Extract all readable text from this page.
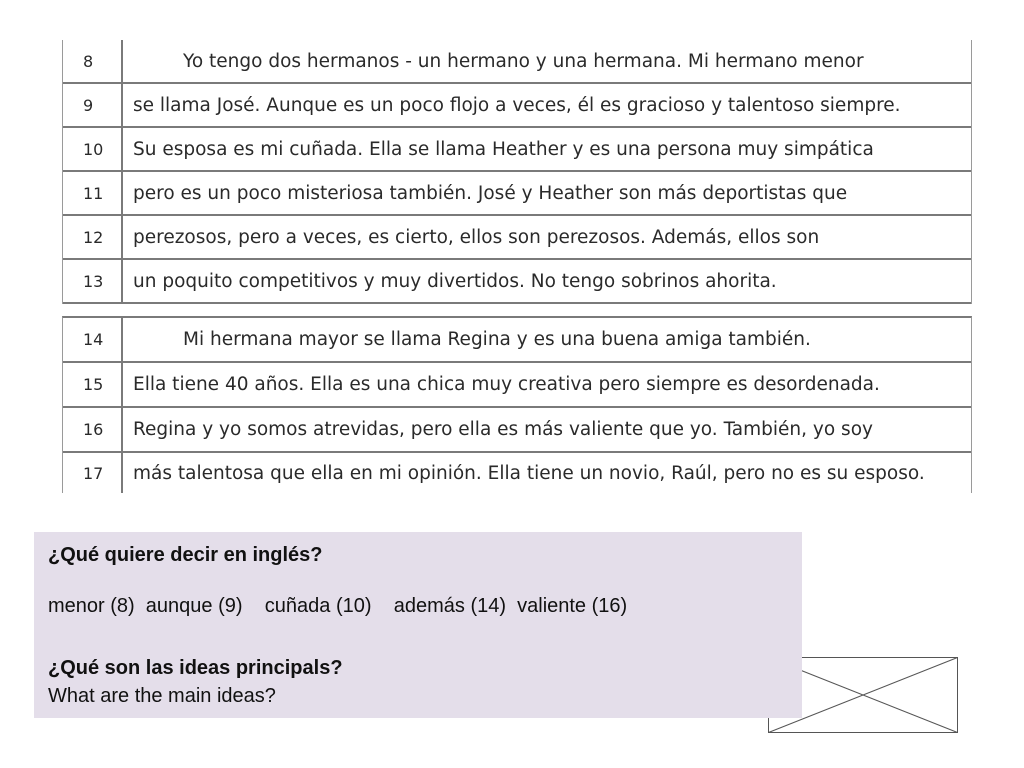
8	Yo tengo dos hermanos - un hermano y una hermana. Mi hermano menor
9	se llama José. Aunque es un poco flojo a veces, él es gracioso y talentoso siempre.
10	Su esposa es mi cuñada. Ella se llama Heather y es una persona muy simpática
11	pero es un poco misteriosa también. José y Heather son más deportistas que
12	perezosos, pero a veces, es cierto, ellos son perezosos. Además, ellos son
13	un poquito competitivos y muy divertidos. No tengo sobrinos ahorita.
14	Mi hermana mayor se llama Regina y es una buena amiga también.
15	Ella tiene 40 años. Ella es una chica muy creativa pero siempre es desordenada.
16	Regina y yo somos atrevidas, pero ella es más valiente que yo. También, yo soy
17	más talentosa que ella en mi opinión. Ella tiene un novio, Raúl, pero no es su esposo.
¿Qué quiere decir en inglés?
menor (8)  aunque (9)    cuñada (10)    además (14)  valiente (16)
¿Qué son las ideas principals?
What are the main ideas?
